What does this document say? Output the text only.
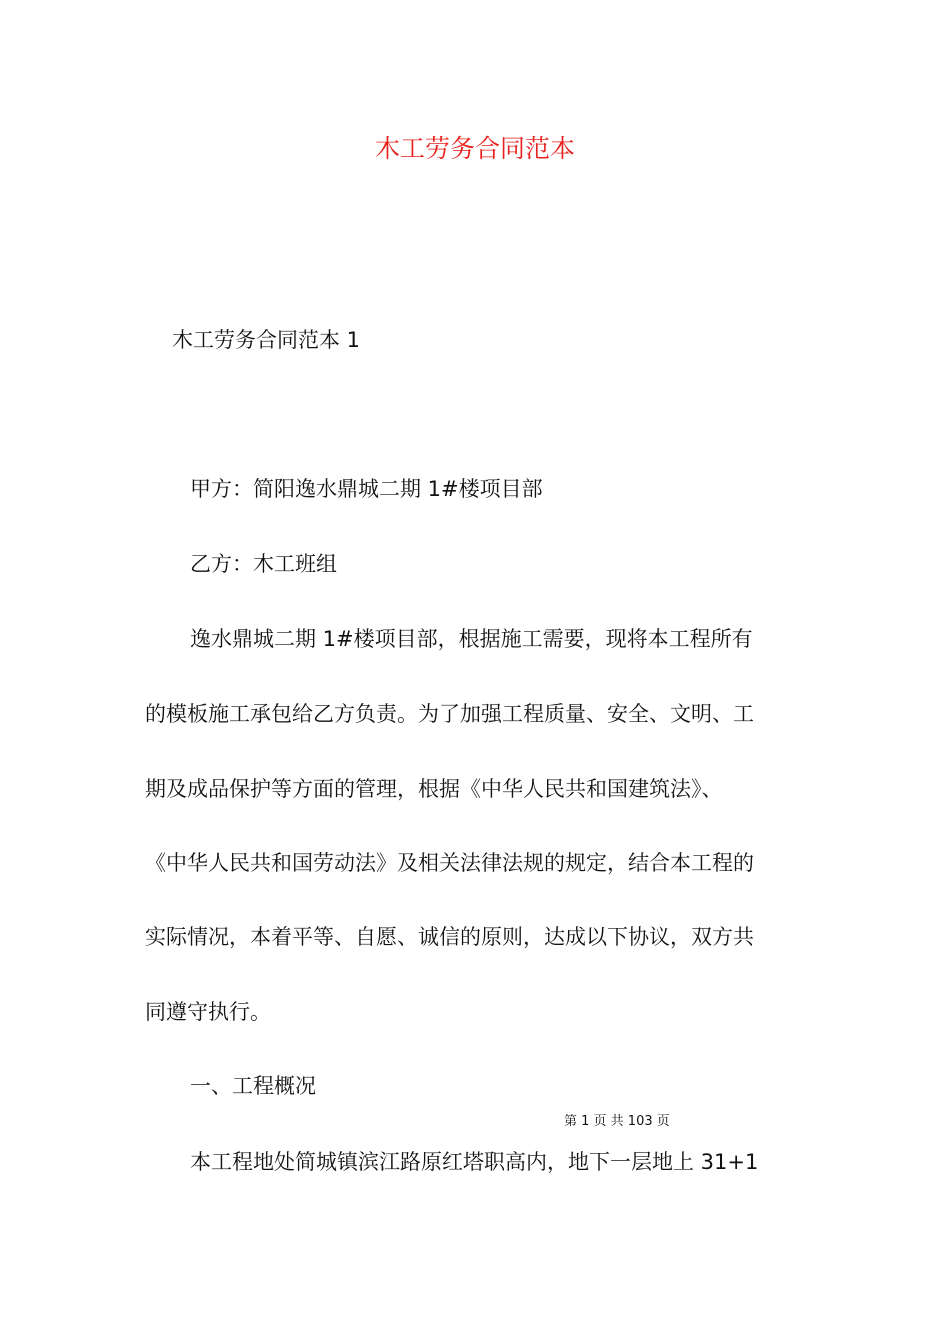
木工劳务合同范本
木工劳务合同范本 1
甲方：简阳逸水鼎城二期 1#楼项目部
乙方：木工班组
逸水鼎城二期 1#楼项目部，根据施工需要，现将本工程所有
的模板施工承包给乙方负责。为了加强工程质量、安全、文明、工
期及成品保护等方面的管理，根据《中华人民共和国建筑法》、
《中华人民共和国劳动法》及相关法律法规的规定，结合本工程的
实际情况，本着平等、自愿、诚信的原则，达成以下协议，双方共
同遵守执行。
一、工程概况
第 1 页 共 103 页
本工程地处简城镇滨江路原红塔职高内，地下一层地上 31+1
